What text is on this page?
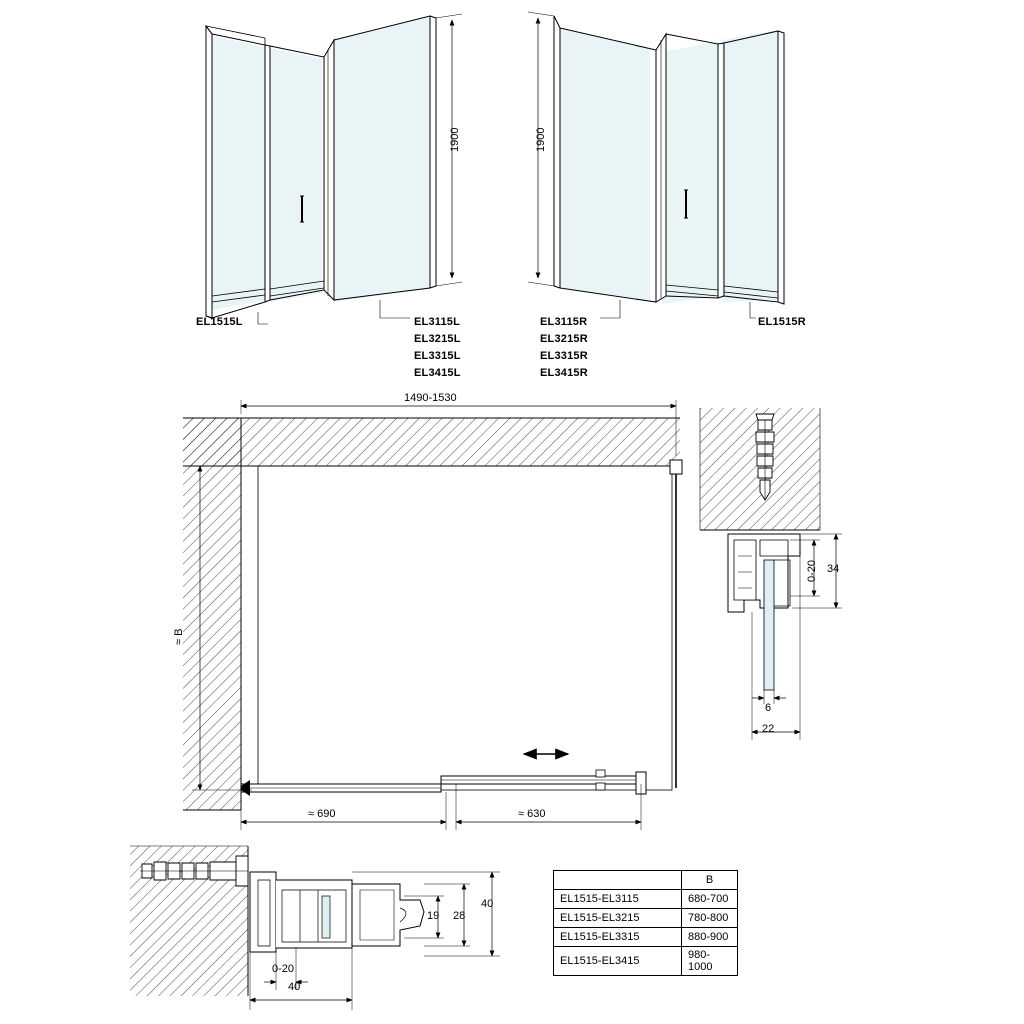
1900
EL1515L	EL3115L
EL3215L
EL3315L
EL3415L
1900
EL3115R
EL3215R
EL3315R
EL3415R
EL1515R
1490-1530
≈ B
≈ 690	≈ 630
0-20 34
6
22
0-20
40
19 28
40
	B
EL1515-EL3115	680-700
EL1515-EL3215	780-800
EL1515-EL3315	880-900
EL1515-EL3415	980-1000
